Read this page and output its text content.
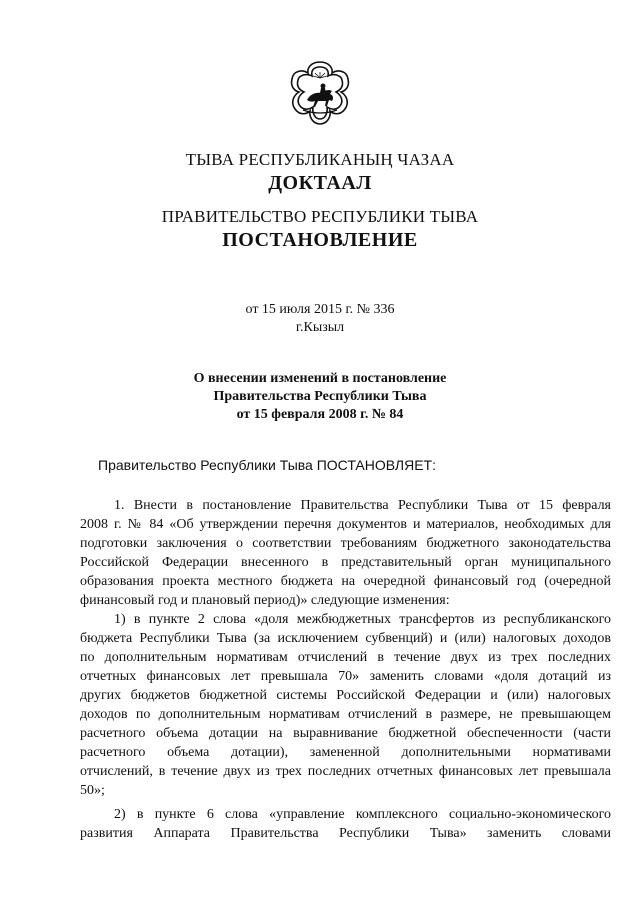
ТЫВА РЕСПУБЛИКАНЫҢ ЧАЗАА
ДОКТААЛ
ПРАВИТЕЛЬСТВО РЕСПУБЛИКИ ТЫВА
ПОСТАНОВЛЕНИЕ
от 15 июля 2015 г. № 336
г.Кызыл
О внесении изменений в постановление
Правительства Республики Тыва
от 15 февраля 2008 г. № 84
Правительство Республики Тыва ПОСТАНОВЛЯЕТ:
1. Внести в постановление Правительства Республики Тыва от 15 февраля
2008 г. № 84 «Об утверждении перечня документов и материалов, необходимых для
подготовки заключения о соответствии требованиям бюджетного законодательства
Российской Федерации внесенного в представительный орган муниципального
образования проекта местного бюджета на очередной финансовый год (очередной
финансовый год и плановый период)» следующие изменения:
1) в пункте 2 слова «доля межбюджетных трансфертов из республиканского
бюджета Республики Тыва (за исключением субвенций) и (или) налоговых доходов
по дополнительным нормативам отчислений в течение двух из трех последних
отчетных финансовых лет превышала 70» заменить словами «доля дотаций из
других бюджетов бюджетной системы Российской Федерации и (или) налоговых
доходов по дополнительным нормативам отчислений в размере, не превышающем
расчетного объема дотации на выравнивание бюджетной обеспеченности (части
расчетного объема дотации), замененной дополнительными нормативами
отчислений, в течение двух из трех последних отчетных финансовых лет превышала
50»;
2) в пункте 6 слова «управление комплексного социально-экономического
развития Аппарата Правительства Республики Тыва» заменить словами
